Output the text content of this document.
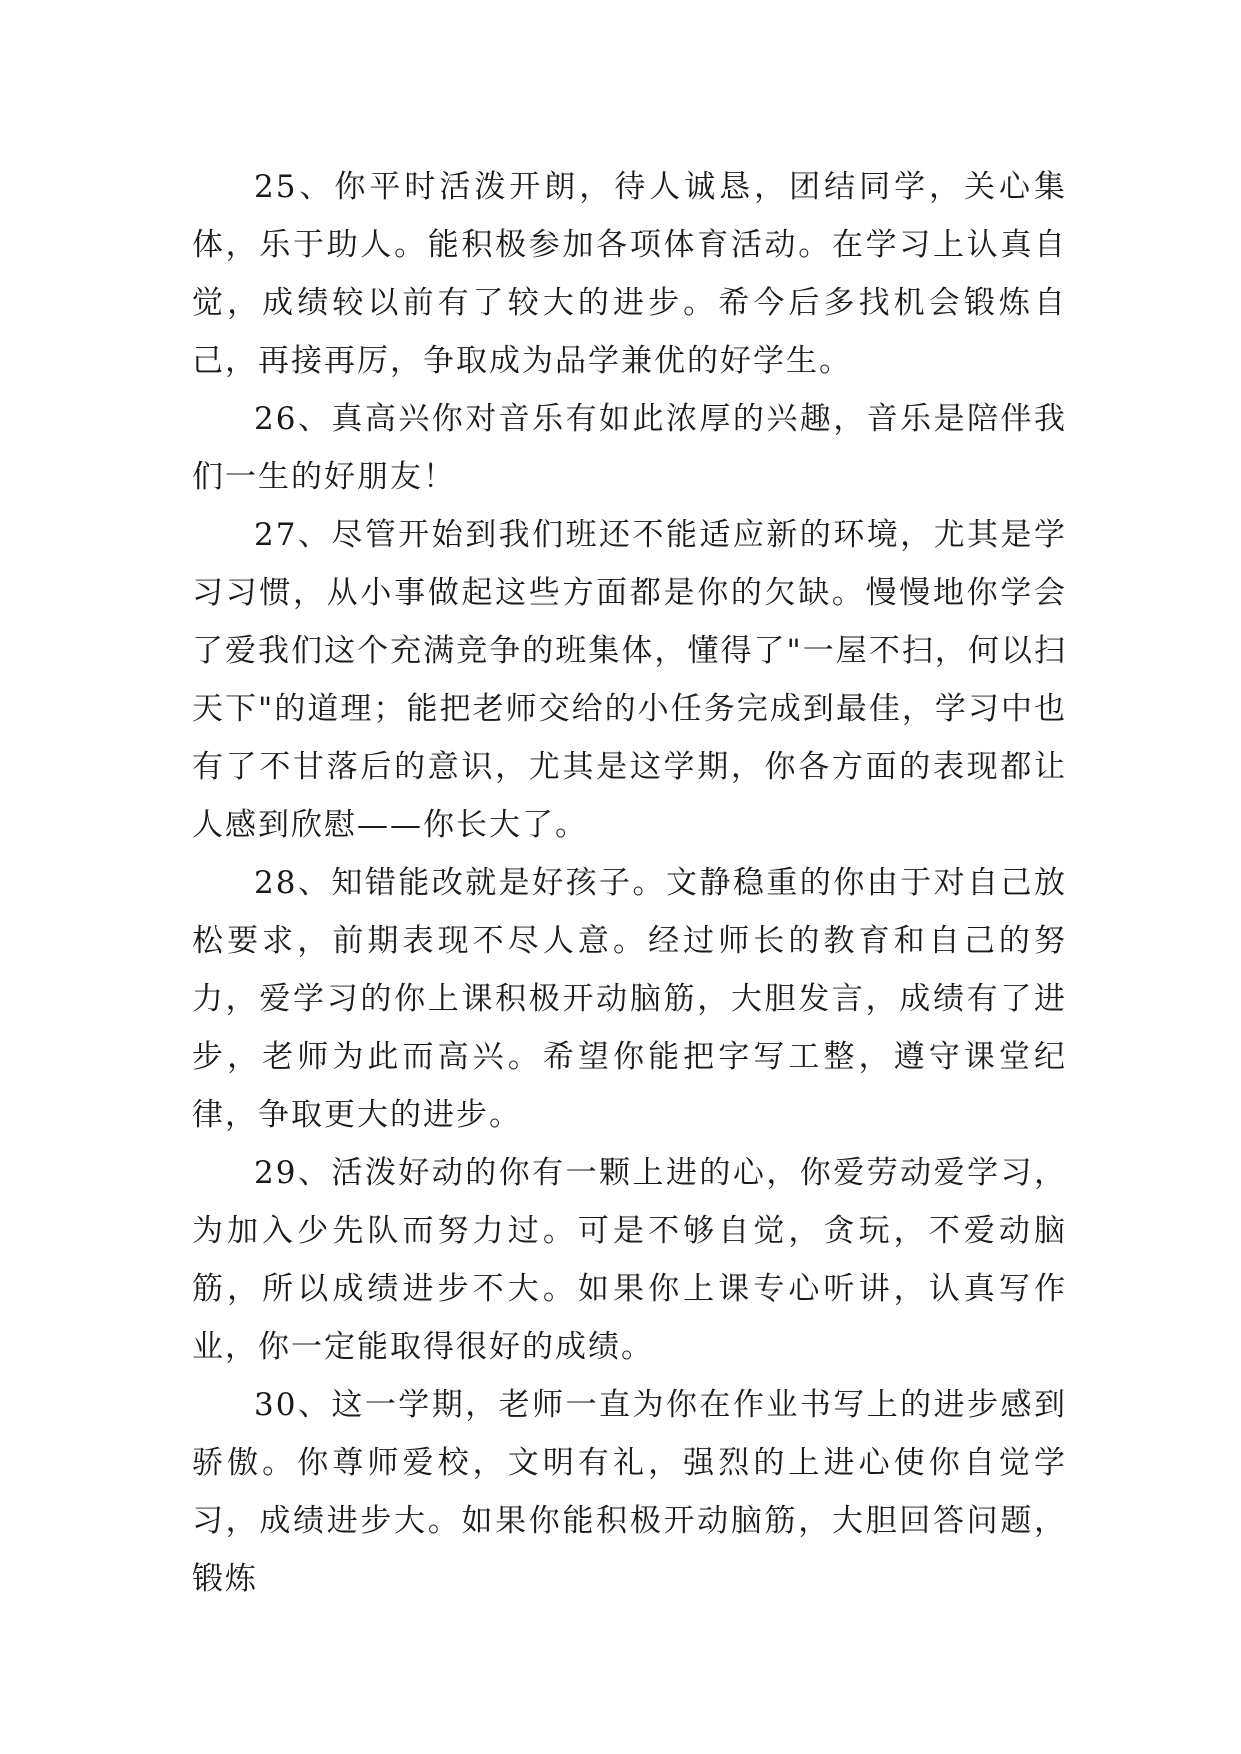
25、你平时活泼开朗，待人诚恳，团结同学，关心集体，乐于助人。能积极参加各项体育活动。在学习上认真自觉，成绩较以前有了较大的进步。希今后多找机会锻炼自己，再接再厉，争取成为品学兼优的好学生。

26、真高兴你对音乐有如此浓厚的兴趣，音乐是陪伴我们一生的好朋友！

27、尽管开始到我们班还不能适应新的环境，尤其是学习习惯，从小事做起这些方面都是你的欠缺。慢慢地你学会了爱我们这个充满竞争的班集体，懂得了"一屋不扫，何以扫天下"的道理；能把老师交给的小任务完成到最佳，学习中也有了不甘落后的意识，尤其是这学期，你各方面的表现都让人感到欣慰——你长大了。

28、知错能改就是好孩子。文静稳重的你由于对自己放松要求，前期表现不尽人意。经过师长的教育和自己的努力，爱学习的你上课积极开动脑筋，大胆发言，成绩有了进步，老师为此而高兴。希望你能把字写工整，遵守课堂纪律，争取更大的进步。

29、活泼好动的你有一颗上进的心，你爱劳动爱学习，为加入少先队而努力过。可是不够自觉，贪玩，不爱动脑筋，所以成绩进步不大。如果你上课专心听讲，认真写作业，你一定能取得很好的成绩。

30、这一学期，老师一直为你在作业书写上的进步感到骄傲。你尊师爱校，文明有礼，强烈的上进心使你自觉学习，成绩进步大。如果你能积极开动脑筋，大胆回答问题，锻炼
